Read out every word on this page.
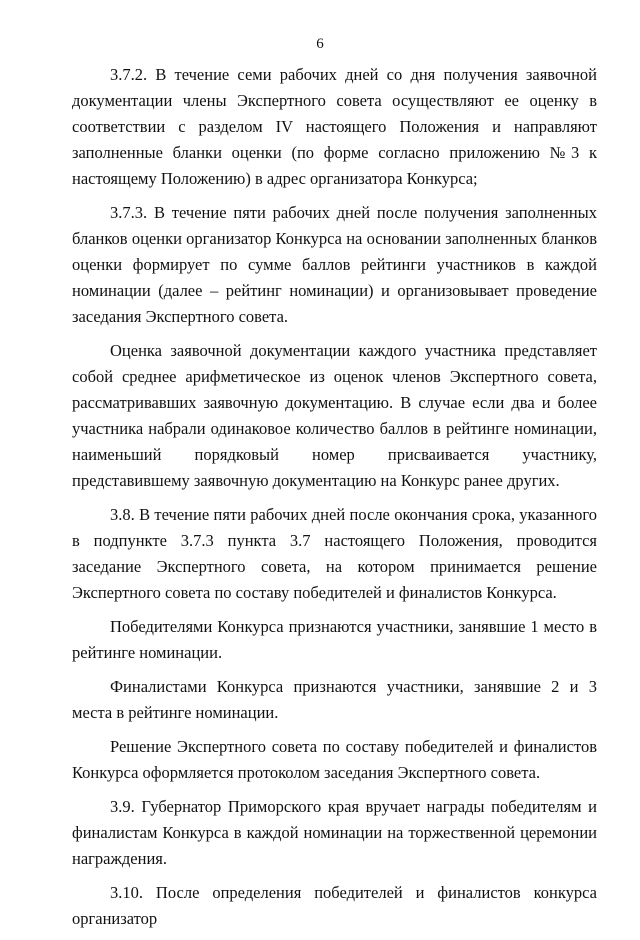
6

3.7.2. В течение семи рабочих дней со дня получения заявочной документации члены Экспертного совета осуществляют ее оценку в соответствии с разделом IV настоящего Положения и направляют заполненные бланки оценки (по форме согласно приложению №3 к настоящему Положению) в адрес организатора Конкурса;

3.7.3. В течение пяти рабочих дней после получения заполненных бланков оценки организатор Конкурса на основании заполненных бланков оценки формирует по сумме баллов рейтинги участников в каждой номинации (далее – рейтинг номинации) и организовывает проведение заседания Экспертного совета.

Оценка заявочной документации каждого участника представляет собой среднее арифметическое из оценок членов Экспертного совета, рассматривавших заявочную документацию. В случае если два и более участника набрали одинаковое количество баллов в рейтинге номинации, наименьший порядковый номер присваивается участнику, представившему заявочную документацию на Конкурс ранее других.

3.8. В течение пяти рабочих дней после окончания срока, указанного в подпункте 3.7.3 пункта 3.7 настоящего Положения, проводится заседание Экспертного совета, на котором принимается решение Экспертного совета по составу победителей и финалистов Конкурса.

Победителями Конкурса признаются участники, занявшие 1 место в рейтинге номинации.

Финалистами Конкурса признаются участники, занявшие 2 и 3 места в рейтинге номинации.

Решение Экспертного совета по составу победителей и финалистов Конкурса оформляется протоколом заседания Экспертного совета.

3.9. Губернатор Приморского края вручает награды победителям и финалистам Конкурса в каждой номинации на торжественной церемонии награждения.

3.10. После определения победителей и финалистов конкурса организатор
